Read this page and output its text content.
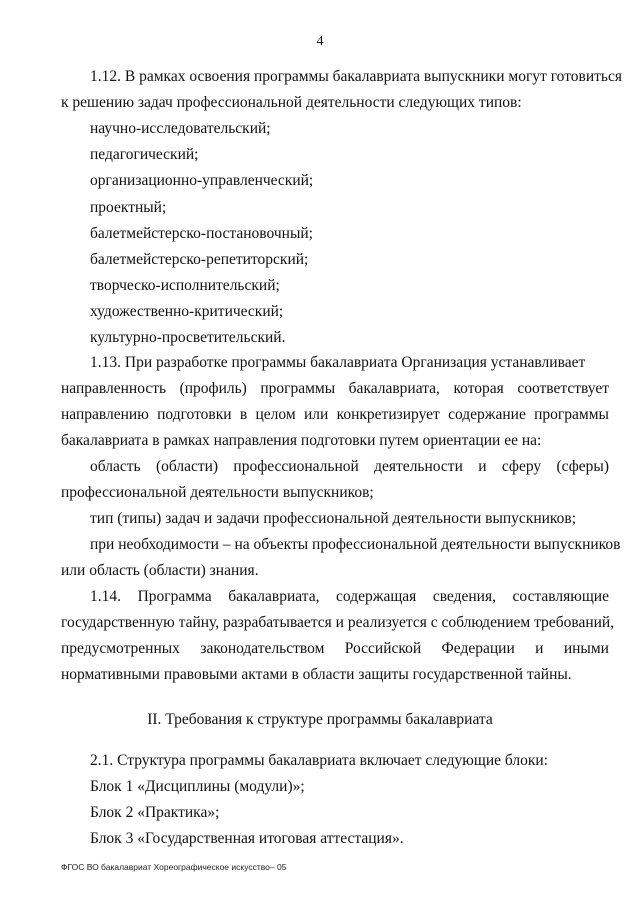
4
1.12. В рамках освоения программы бакалавриата выпускники могут готовиться
к решению задач профессиональной деятельности следующих типов:
научно-исследовательский;
педагогический;
организационно-управленческий;
проектный;
балетмейстерско-постановочный;
балетмейстерско-репетиторский;
творческо-исполнительский;
художественно-критический;
культурно-просветительский.
1.13. При разработке программы бакалавриата Организация устанавливает
направленность (профиль) программы бакалавриата, которая соответствует
направлению подготовки в целом или конкретизирует содержание программы
бакалавриата в рамках направления подготовки путем ориентации ее на:
область (области) профессиональной деятельности и сферу (сферы)
профессиональной деятельности выпускников;
тип (типы) задач и задачи профессиональной деятельности выпускников;
при необходимости – на объекты профессиональной деятельности выпускников
или область (области) знания.
1.14. Программа бакалавриата, содержащая сведения, составляющие
государственную тайну, разрабатывается и реализуется с соблюдением требований,
предусмотренных законодательством Российской Федерации и иными
нормативными правовыми актами в области защиты государственной тайны.
II. Требования к структуре программы бакалавриата
2.1. Структура программы бакалавриата включает следующие блоки:
Блок 1 «Дисциплины (модули)»;
Блок 2 «Практика»;
Блок 3 «Государственная итоговая аттестация».
ФГОС ВО бакалавриат Хореографическое искусство– 05
